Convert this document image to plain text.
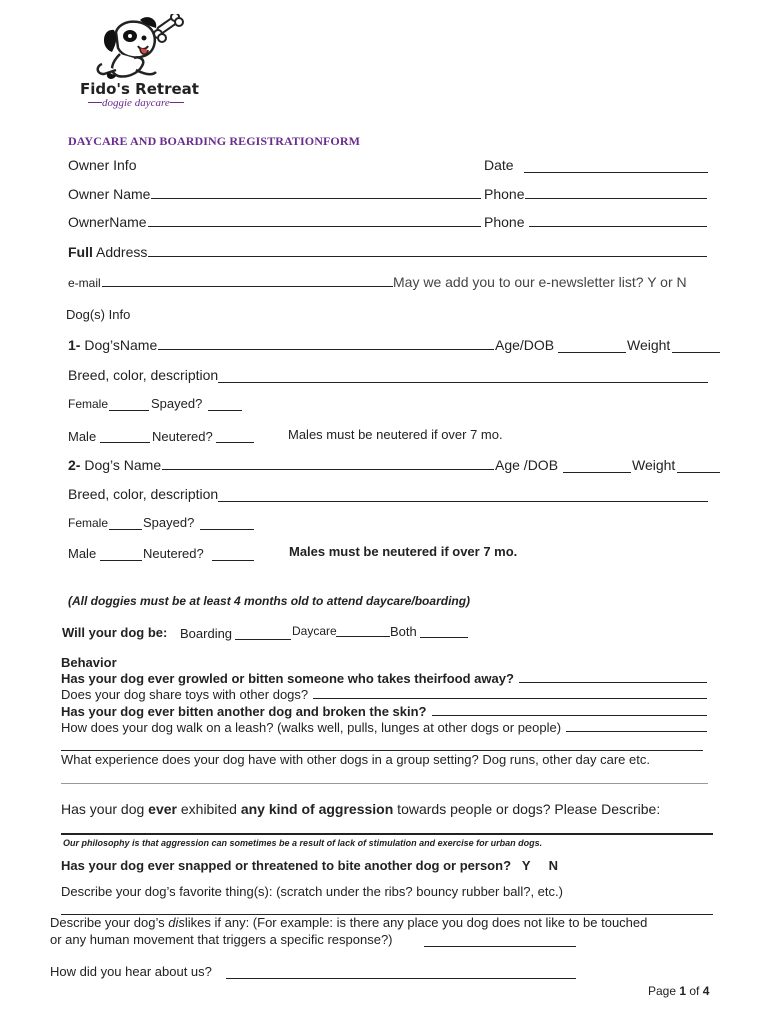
Fido's Retreat
doggie daycare
DAYCARE AND BOARDING REGISTRATIONFORM
Owner Info	Date
Owner Name	Phone
OwnerName	Phone
Full Address
e-mail	May we add you to our e-newsletter list? Y or N
Dog(s) Info
1- Dog’sName	Age/DOB	Weight
Breed, color, description
Female	Spayed?
Male	Neutered?	Males must be neutered if over 7 mo.
2- Dog’s Name	Age /DOB	Weight
Breed, color, description
Female	Spayed?
Male	Neutered?	Males must be neutered if over 7 mo.
(All doggies must be at least 4 months old to attend daycare/boarding)
Will your dog be: Boarding	Daycare	Both
Behavior
Has your dog ever growled or bitten someone who takes theirfood away?
Does your dog share toys with other dogs?
Has your dog ever bitten another dog and broken the skin?
How does your dog walk on a leash? (walks well, pulls, lunges at other dogs or people)
What experience does your dog have with other dogs in a group setting? Dog runs, other day care etc.
Has your dog ever exhibited any kind of aggression towards people or dogs? Please Describe:
Our philosophy is that aggression can sometimes be a result of lack of stimulation and exercise for urban dogs.
Has your dog ever snapped or threatened to bite another dog or person? Y N
Describe your dog’s favorite thing(s): (scratch under the ribs? bouncy rubber ball?, etc.)
Describe your dog’s dislikes if any: (For example: is there any place you dog does not like to be touched
or any human movement that triggers a specific response?)
How did you hear about us?
Page 1 of 4
